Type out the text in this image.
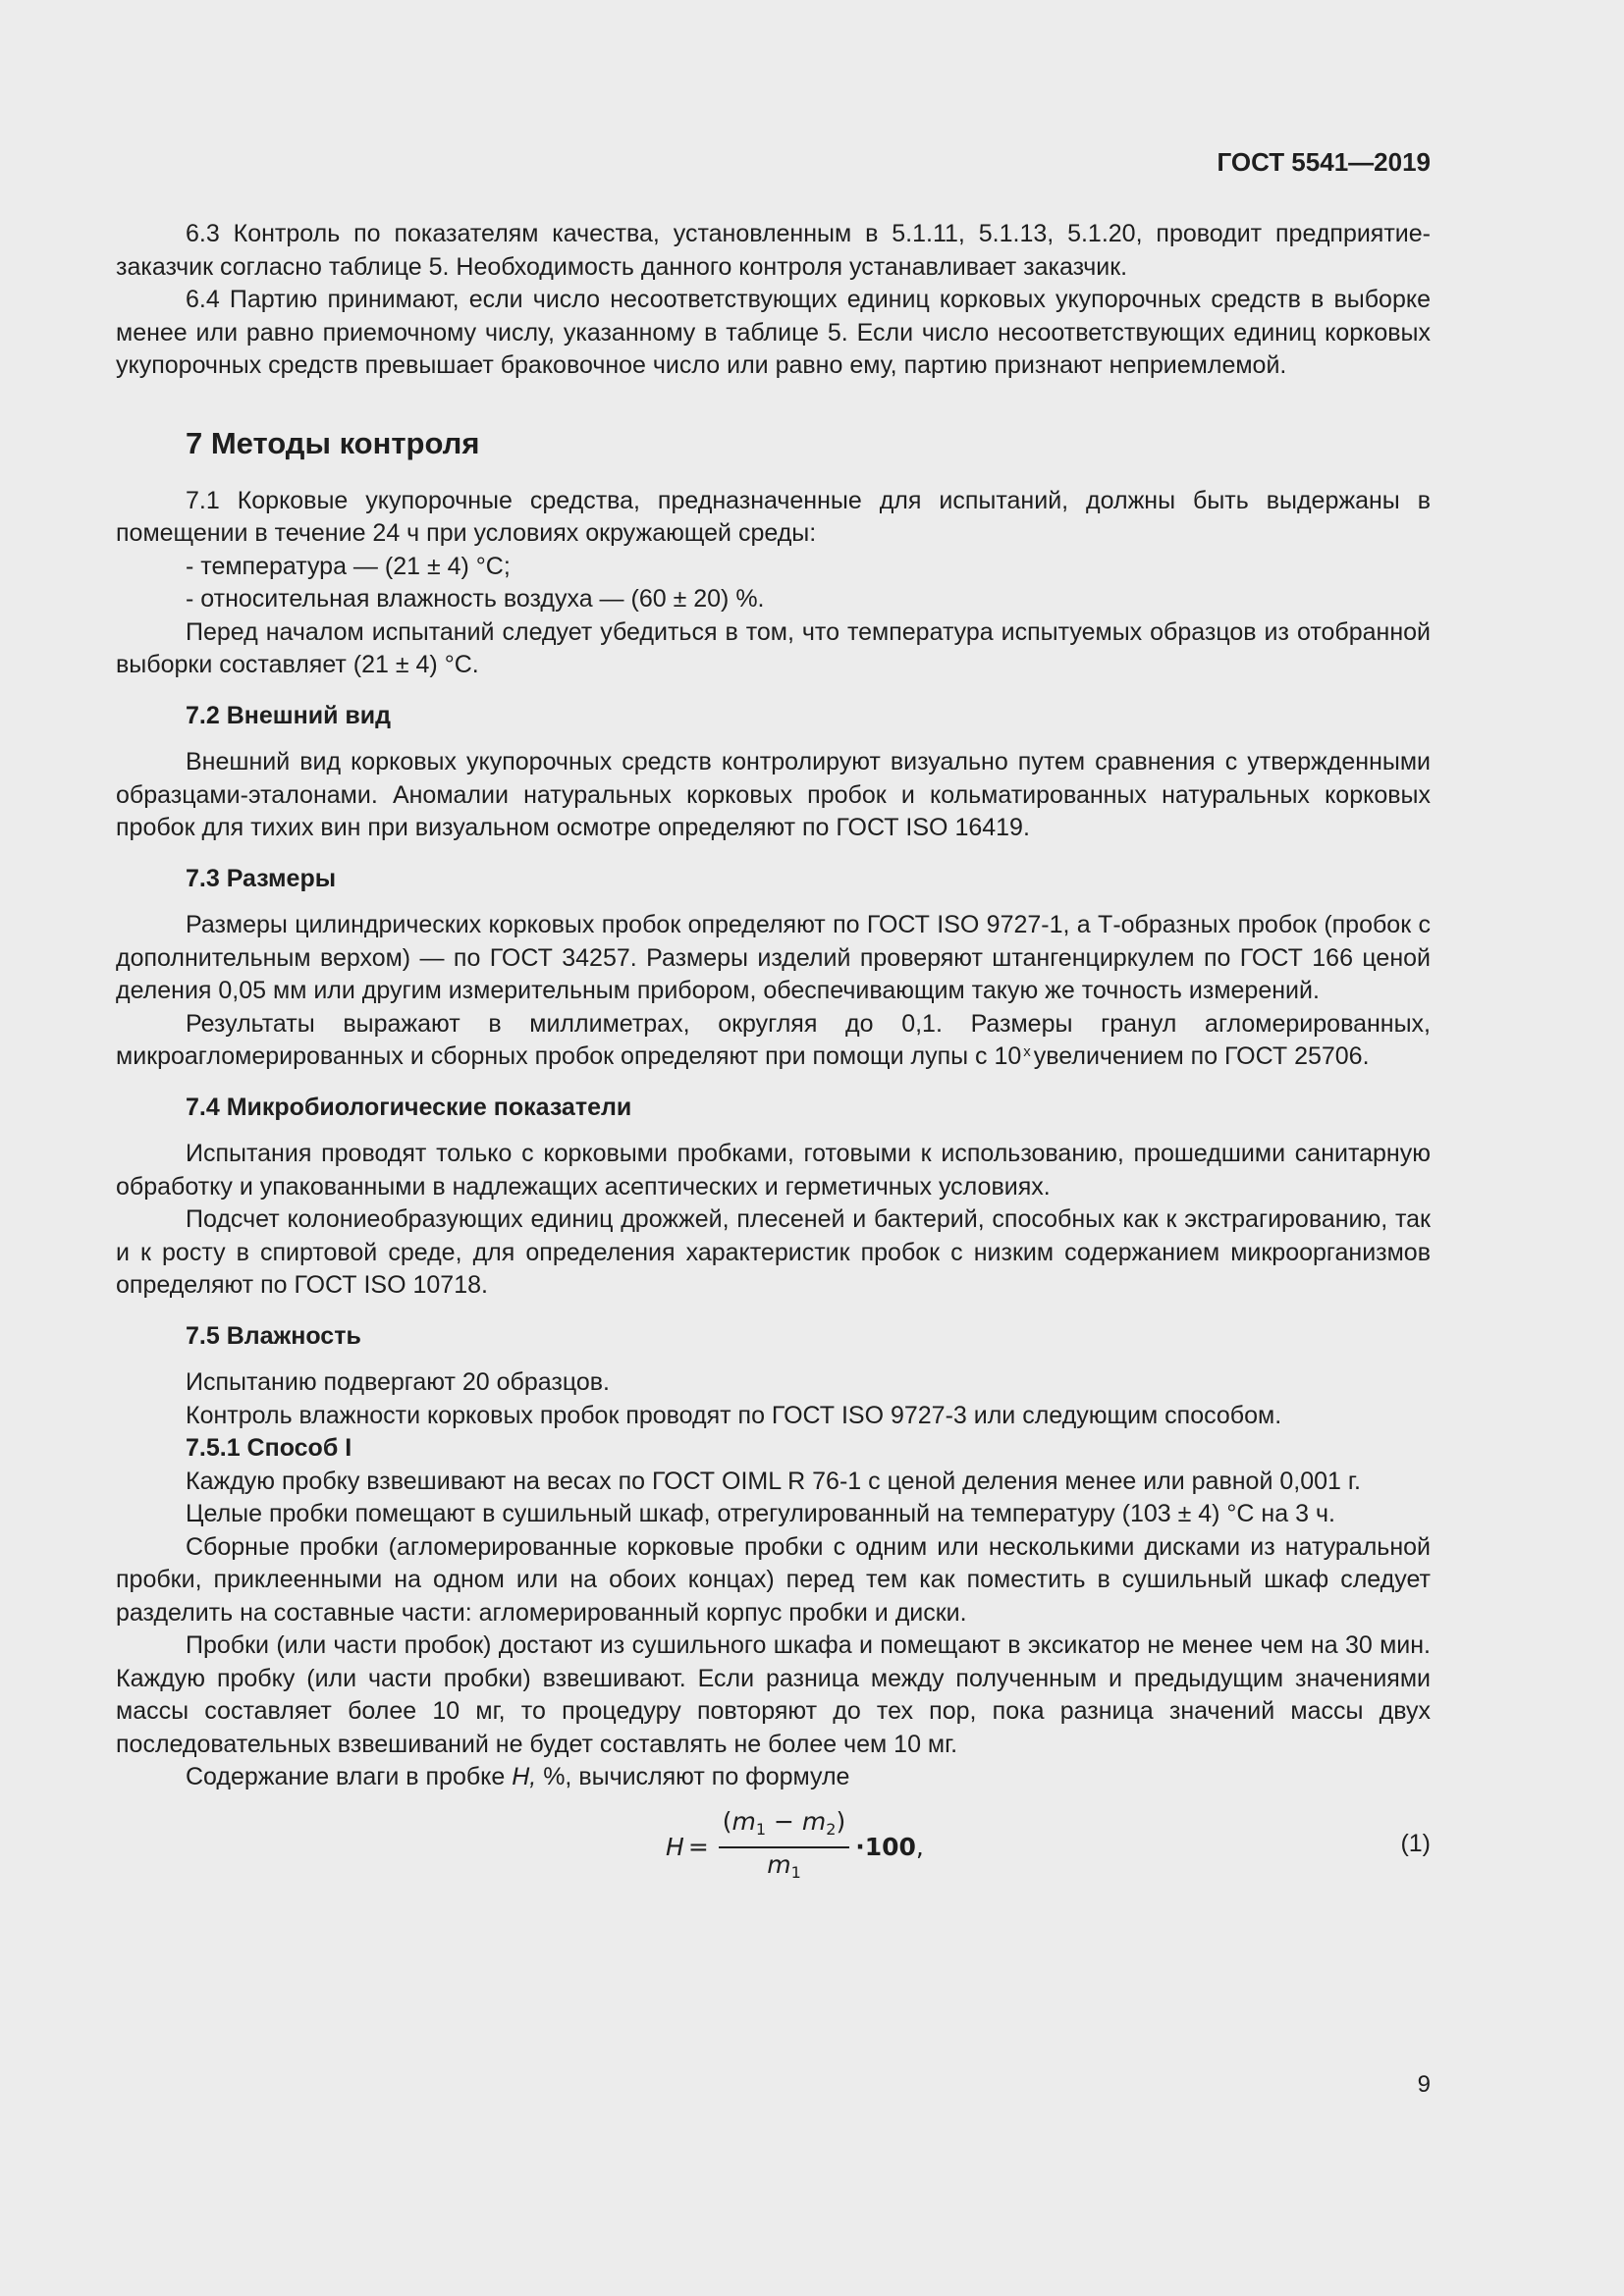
ГОСТ 5541—2019

6.3 Контроль по показателям качества, установленным в 5.1.11, 5.1.13, 5.1.20, проводит предприятие-заказчик согласно таблице 5. Необходимость данного контроля устанавливает заказчик.

6.4 Партию принимают, если число несоответствующих единиц корковых укупорочных средств в выборке менее или равно приемочному числу, указанному в таблице 5. Если число несоответствующих единиц корковых укупорочных средств превышает браковочное число или равно ему, партию признают неприемлемой.

7 Методы контроля

7.1 Корковые укупорочные средства, предназначенные для испытаний, должны быть выдержаны в помещении в течение 24 ч при условиях окружающей среды:

- температура — (21 ± 4) °С;

- относительная влажность воздуха — (60 ± 20) %.

Перед началом испытаний следует убедиться в том, что температура испытуемых образцов из отобранной выборки составляет (21 ± 4) °С.

7.2 Внешний вид

Внешний вид корковых укупорочных средств контролируют визуально путем сравнения с утвержденными образцами-эталонами. Аномалии натуральных корковых пробок и кольматированных натуральных корковых пробок для тихих вин при визуальном осмотре определяют по ГОСТ ISO 16419.

7.3 Размеры

Размеры цилиндрических корковых пробок определяют по ГОСТ ISO 9727-1, а Т-образных пробок (пробок с дополнительным верхом) — по ГОСТ 34257. Размеры изделий проверяют штангенциркулем по ГОСТ 166 ценой деления 0,05 мм или другим измерительным прибором, обеспечивающим такую же точность измерений.

Результаты выражают в миллиметрах, округляя до 0,1. Размеры гранул агломерированных, микроагломерированных и сборных пробок определяют при помощи лупы с 10 $^x$ увеличением по ГОСТ 25706.

7.4 Микробиологические показатели

Испытания проводят только с корковыми пробками, готовыми к использованию, прошедшими санитарную обработку и упакованными в надлежащих асептических и герметичных условиях.

Подсчет колониеобразующих единиц дрожжей, плесеней и бактерий, способных как к экстрагированию, так и к росту в спиртовой среде, для определения характеристик пробок с низким содержанием микроорганизмов определяют по ГОСТ ISO 10718.

7.5 Влажность

Испытанию подвергают 20 образцов.

Контроль влажности корковых пробок проводят по ГОСТ ISO 9727-3 или следующим способом.

7.5.1 Способ I

Каждую пробку взвешивают на весах по ГОСТ OIML R 76-1 с ценой деления менее или равной 0,001 г.

Целые пробки помещают в сушильный шкаф, отрегулированный на температуру (103 ± 4) °С на 3 ч.

Сборные пробки (агломерированные корковые пробки с одним или несколькими дисками из натуральной пробки, приклеенными на одном или на обоих концах) перед тем как поместить в сушильный шкаф следует разделить на составные части: агломерированный корпус пробки и диски.

Пробки (или части пробок) достают из сушильного шкафа и помещают в эксикатор не менее чем на 30 мин. Каждую пробку (или части пробки) взвешивают. Если разница между полученным и предыдущим значениями массы составляет более 10 мг, то процедуру повторяют до тех пор, пока разница значений массы двух последовательных взвешиваний не будет составлять не более чем 10 мг.

Содержание влаги в пробке H, %, вычисляют по формуле

$H = \frac{(m_1 - m_2)}{m_1} \cdot 100$ ,	(1)
9
